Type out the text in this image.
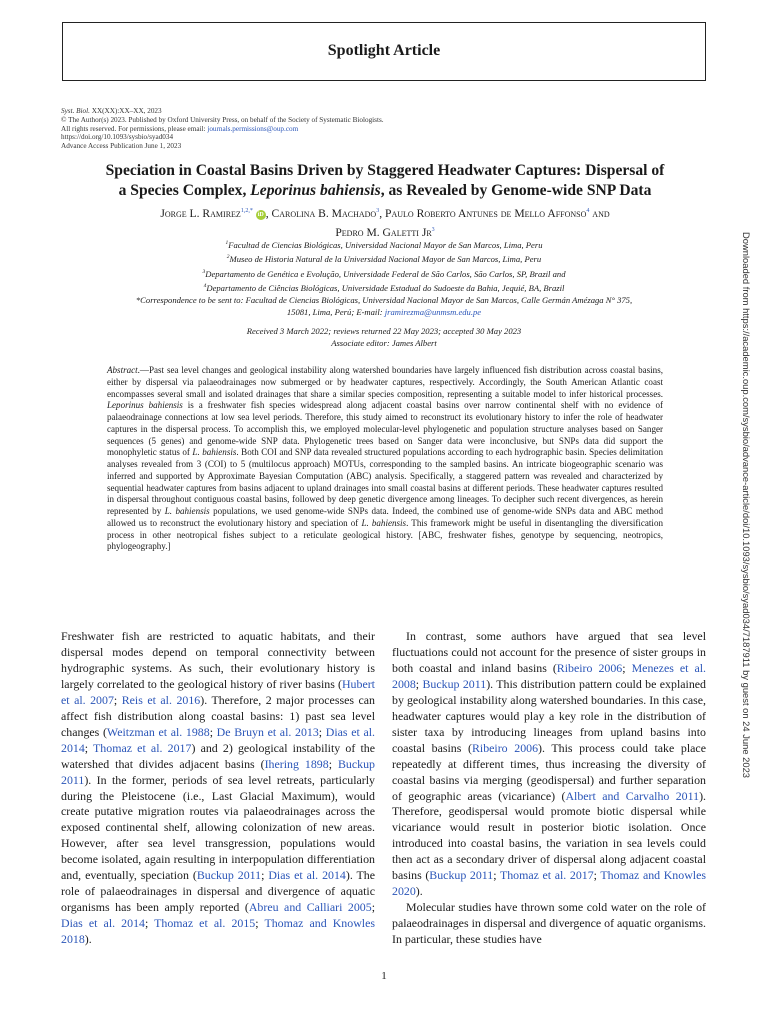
Spotlight Article
Syst. Biol. XX(XX):XX–XX, 2023
© The Author(s) 2023. Published by Oxford University Press, on behalf of the Society of Systematic Biologists.
All rights reserved. For permissions, please email: journals.permissions@oup.com
https://doi.org/10.1093/sysbio/syad034
Advance Access Publication June 1, 2023
Speciation in Coastal Basins Driven by Staggered Headwater Captures: Dispersal of
a Species Complex, Leporinus bahiensis, as Revealed by Genome-wide SNP Data
Jorge L. Ramirez$^{1,2,*}$ iD , Carolina B. Machado$^3$, Paulo Roberto Antunes de Mello Affonso$^4$ and
Pedro M. Galetti Jr$^3$
$^1$Facultad de Ciencias Biológicas, Universidad Nacional Mayor de San Marcos, Lima, Peru
$^2$Museo de Historia Natural de la Universidad Nacional Mayor de San Marcos, Lima, Peru
$^3$Departamento de Genética e Evolução, Universidade Federal de São Carlos, São Carlos, SP, Brazil and
$^4$Departamento de Ciências Biológicas, Universidade Estadual do Sudoeste da Bahia, Jequié, BA, Brazil
*Correspondence to be sent to: Facultad de Ciencias Biológicas, Universidad Nacional Mayor de San Marcos, Calle Germán Amézaga N° 375,
15081, Lima, Perú; E-mail: jramirezma@unmsm.edu.pe
Received 3 March 2022; reviews returned 22 May 2023; accepted 30 May 2023
Associate editor: James Albert
Abstract.—Past sea level changes and geological instability along watershed boundaries have largely influenced fish distribution across coastal basins, either by dispersal via palaeodrainages now submerged or by headwater captures, respectively. Accordingly, the South American Atlantic coast encompasses several small and isolated drainages that share a similar species composition, representing a suitable model to infer historical processes. Leporinus bahiensis is a freshwater fish species widespread along adjacent coastal basins over narrow continental shelf with no evidence of palaeodrainage connections at low sea level periods. Therefore, this study aimed to reconstruct its evolutionary history to infer the role of headwater captures in the dispersal process. To accomplish this, we employed molecular-level phylogenetic and population structure analyses based on Sanger sequences (5 genes) and genome-wide SNP data. Phylogenetic trees based on Sanger data were inconclusive, but SNPs data did support the monophyletic status of L. bahiensis. Both COI and SNP data revealed structured populations according to each hydrographic basin. Species delimitation analyses revealed from 3 (COI) to 5 (multilocus approach) MOTUs, corresponding to the sampled basins. An intricate biogeographic scenario was inferred and supported by Approximate Bayesian Computation (ABC) analysis. Specifically, a staggered pattern was revealed and characterized by sequential headwater captures from basins adjacent to upland drainages into small coastal basins at different periods. These headwater captures resulted in dispersal throughout contiguous coastal basins, followed by deep genetic divergence among lineages. To decipher such recent divergences, as herein represented by L. bahiensis populations, we used genome-wide SNPs data. Indeed, the combined use of genome-wide SNPs data and ABC method allowed us to reconstruct the evolutionary history and speciation of L. bahiensis. This framework might be useful in disentangling the diversification process in other neotropical fishes subject to a reticulate geological history. [ABC, freshwater fishes, genotype by sequencing, neotropics, phylogeography.]

Freshwater fish are restricted to aquatic habitats, and their dispersal modes depend on temporal connectivity between hydrographic systems. As such, their evolutionary history is largely correlated to the geological history of river basins (Hubert et al. 2007; Reis et al. 2016). Therefore, 2 major processes can affect fish distribution along coastal basins: 1) past sea level changes (Weitzman et al. 1988; De Bruyn et al. 2013; Dias et al. 2014; Thomaz et al. 2017) and 2) geological instability of the watershed that divides adjacent basins (Ihering 1898; Buckup 2011). In the former, periods of sea level retreats, particularly during the Pleistocene (i.e., Last Glacial Maximum), would create putative migration routes via palaeodrainages across the exposed continental shelf, allowing colonization of new areas. However, after sea level transgression, populations would become isolated, again resulting in interpopulation differentiation and, eventually, speciation (Buckup 2011; Dias et al. 2014). The role of palaeodrainages in dispersal and divergence of aquatic organisms has been amply reported (Abreu and Calliari 2005; Dias et al. 2014; Thomaz et al. 2015; Thomaz and Knowles 2018).

In contrast, some authors have argued that sea level fluctuations could not account for the presence of sister groups in both coastal and inland basins (Ribeiro 2006; Menezes et al. 2008; Buckup 2011). This distribution pattern could be explained by geological instability along watershed boundaries. In this case, headwater captures would play a key role in the distribution of sister taxa by introducing lineages from upland basins into coastal basins (Ribeiro 2006). This process could take place repeatedly at different times, thus increasing the diversity of coastal basins via merging (geodispersal) and further separation of geographic areas (vicariance) (Albert and Carvalho 2011). Therefore, geodispersal would promote biotic dispersal while vicariance would result in posterior biotic isolation. Once introduced into coastal basins, the variation in sea levels could then act as a secondary driver of dispersal along adjacent coastal basins (Buckup 2011; Thomaz et al. 2017; Thomaz and Knowles 2020).

Molecular studies have thrown some cold water on the role of palaeodrainages in dispersal and divergence of aquatic organisms. In particular, these studies have

1
Downloaded from https://academic.oup.com/sysbio/advance-article/doi/10.1093/sysbio/syad034/7187911 by guest on 24 June 2023
